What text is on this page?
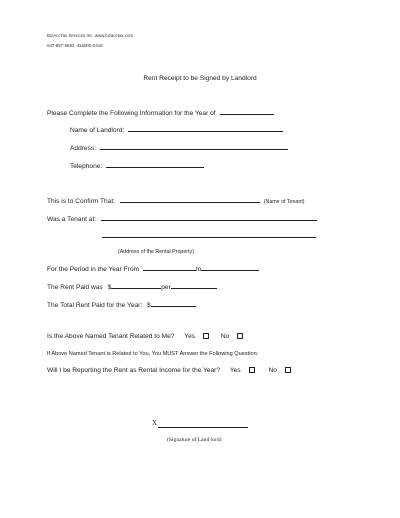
BizAccTax Services Inc. www.bizacctax.com
647-857-5692, 416800-0418
Rent Receipt to be Signed by Landlord
Please Complete the Following Information for the Year of
Name of Landlord:
Address:
Telephone:
This is to Confirm That:	(Name of Tenant)
Was a Tenant at:
(Address of the Rental Property)
For the Period in the Year From	to
The Rent Paid was $	per
The Total Rent Paid for the Year: $
Is the Above Named Tenant Related to Me? Yes	No
If Above Named Tenant is Related to You, You MUST Answer the Following Question:
Will I be Reporting the Rent as Rental Income for the Year? Yes	No
X
(Signature of Land lord)
